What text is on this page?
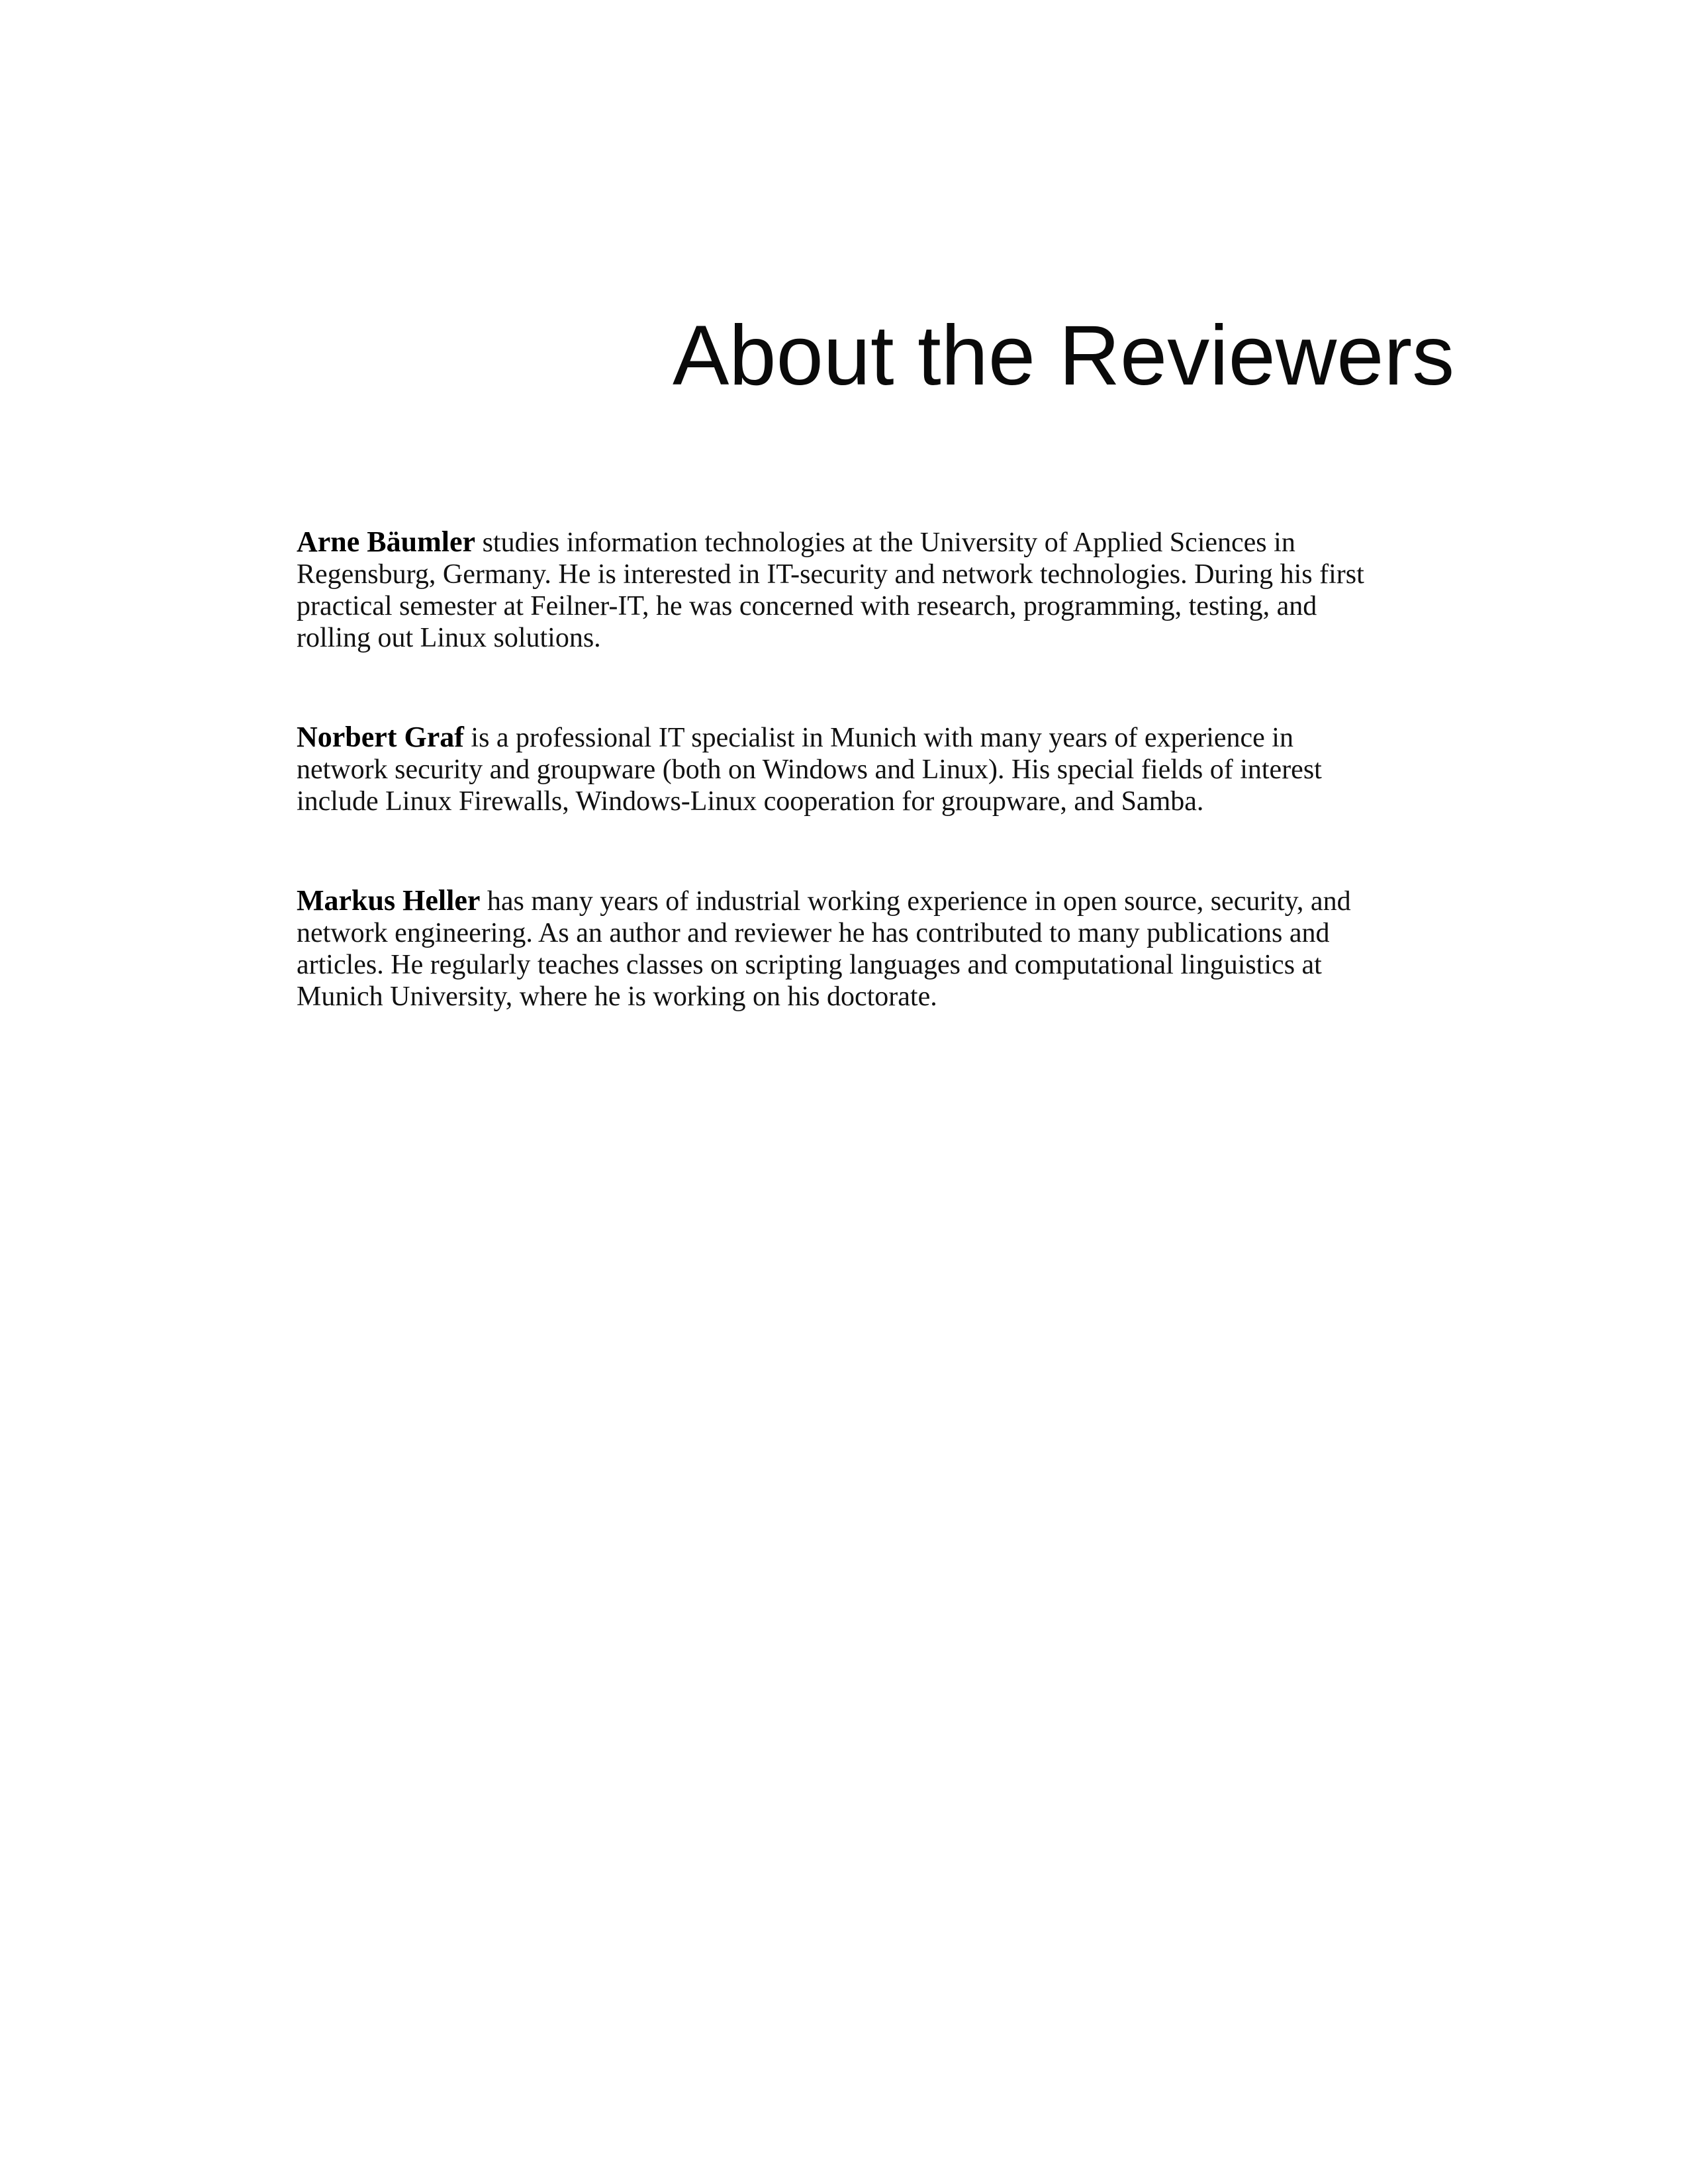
About the Reviewers

Arne Bäumler studies information technologies at the University of Applied Sciences in Regensburg, Germany. He is interested in IT-security and network technologies. During his first practical semester at Feilner-IT, he was concerned with research, programming, testing, and rolling out Linux solutions.

Norbert Graf is a professional IT specialist in Munich with many years of experience in network security and groupware (both on Windows and Linux). His special fields of interest include Linux Firewalls, Windows-Linux cooperation for groupware, and Samba.

Markus Heller has many years of industrial working experience in open source, security, and network engineering. As an author and reviewer he has contributed to many publications and articles. He regularly teaches classes on scripting languages and computational linguistics at Munich University, where he is working on his doctorate.
